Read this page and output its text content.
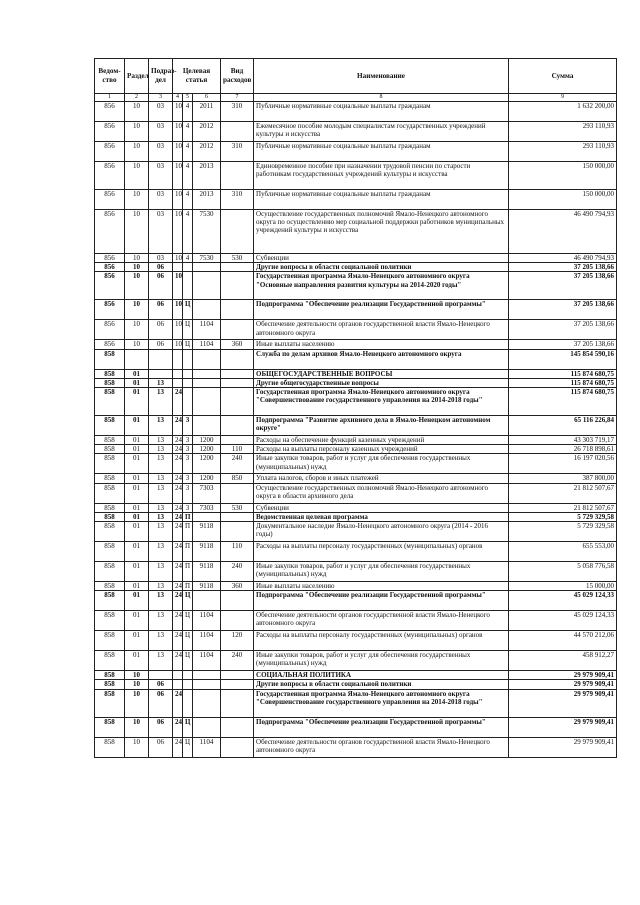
Ведом-ство	Раздел	Подраз-дел	Целевая статья			Вид расходов	Наименование	Сумма
1	2	3	4	5	6	7	8	9
856	10	03	10	4	2011	310	Публичные нормативные социальные выплаты гражданам	1 632 200,00
856	10	03	10	4	2012		Ежемесячное пособие молодым специалистам государственных учреждений культуры и искусства	293 110,93
856	10	03	10	4	2012	310	Публичные нормативные социальные выплаты гражданам	293 110,93
856	10	03	10	4	2013		Единовременное пособие при назначении трудовой пенсии по старости работникам государственных учреждений культуры и искусства	150 000,00
856	10	03	10	4	2013	310	Публичные нормативные социальные выплаты гражданам	150 000,00
856	10	03	10	4	7530		Осуществление государственных полномочий Ямало-Ненецкого автономного округа по осуществлению мер социальной поддержки работников муниципальных учреждений культуры и искусства	46 490 794,93
856	10	03	10	4	7530	530	Субвенции	46 490 794,93
856	10	06					Другие вопросы в области социальной политики	37 205 138,66
856	10	06	10				Государственная программа Ямало-Ненецкого автономного округа "Основные направления развития культуры на 2014-2020 годы"	37 205 138,66
856	10	06	10	Ц			Подпрограмма "Обеспечение реализации Государственной программы"	37 205 138,66
856	10	06	10	Ц	1104		Обеспечение деятельности органов государственной власти Ямало-Ненецкого автономного округа	37 205 138,66
856	10	06	10	Ц	1104	360	Иные выплаты населению	37 205 138,66
858							Служба по делам архивов Ямало-Ненецкого автономного округа	145 854 590,16
858	01						ОБЩЕГОСУДАРСТВЕННЫЕ ВОПРОСЫ	115 874 680,75
858	01	13					Другие общегосударственные вопросы	115 874 680,75
858	01	13	24				Государственная программа Ямало-Ненецкого автономного округа "Совершенствование государственного управления на 2014-2018 годы"	115 874 680,75
858	01	13	24	3			Подпрограмма "Развитие архивного дела в Ямало-Ненецком автономном округе"	65 116 226,84
858	01	13	24	3	1200		Расходы на обеспечение функций казенных учреждений	43 303 719,17
858	01	13	24	3	1200	110	Расходы на выплаты персоналу казенных учреждений	26 718 898,61
858	01	13	24	3	1200	240	Иные закупки товаров, работ и услуг для обеспечения государственных (муниципальных) нужд	16 197 020,56
858	01	13	24	3	1200	850	Уплата налогов, сборов и иных платежей	387 800,00
858	01	13	24	3	7303		Осуществление государственных полномочий Ямало-Ненецкого автономного округа в области архивного дела	21 812 507,67
858	01	13	24	3	7303	530	Субвенции	21 812 507,67
858	01	13	24	П			Ведомственная целевая программа	5 729 329,58
858	01	13	24	П	9118		Документальное наследие Ямало-Ненецкого автономного округа (2014 - 2016 годы)	5 729 329,58
858	01	13	24	П	9118	110	Расходы на выплаты персоналу государственных (муниципальных) органов	655 553,00
858	01	13	24	П	9118	240	Иные закупки товаров, работ и услуг для обеспечения государственных (муниципальных) нужд	5 058 776,58
858	01	13	24	П	9118	360	Иные выплаты населению	15 000,00
858	01	13	24	Ц			Подпрограмма "Обеспечение реализации Государственной программы"	45 029 124,33
858	01	13	24	Ц	1104		Обеспечение деятельности органов государственной власти Ямало-Ненецкого автономного округа	45 029 124,33
858	01	13	24	Ц	1104	120	Расходы на выплаты персоналу государственных (муниципальных) органов	44 570 212,06
858	01	13	24	Ц	1104	240	Иные закупки товаров, работ и услуг для обеспечения государственных (муниципальных) нужд	458 912,27
858	10						СОЦИАЛЬНАЯ ПОЛИТИКА	29 979 909,41
858	10	06					Другие вопросы в области социальной политики	29 979 909,41
858	10	06	24				Государственная программа Ямало-Ненецкого автономного округа "Совершенствование государственного управления на 2014-2018 годы"	29 979 909,41
858	10	06	24	Ц			Подпрограмма "Обеспечение реализации Государственной программы"	29 979 909,41
858	10	06	24	Ц	1104		Обеспечение деятельности органов государственной власти Ямало-Ненецкого автономного округа	29 979 909,41
